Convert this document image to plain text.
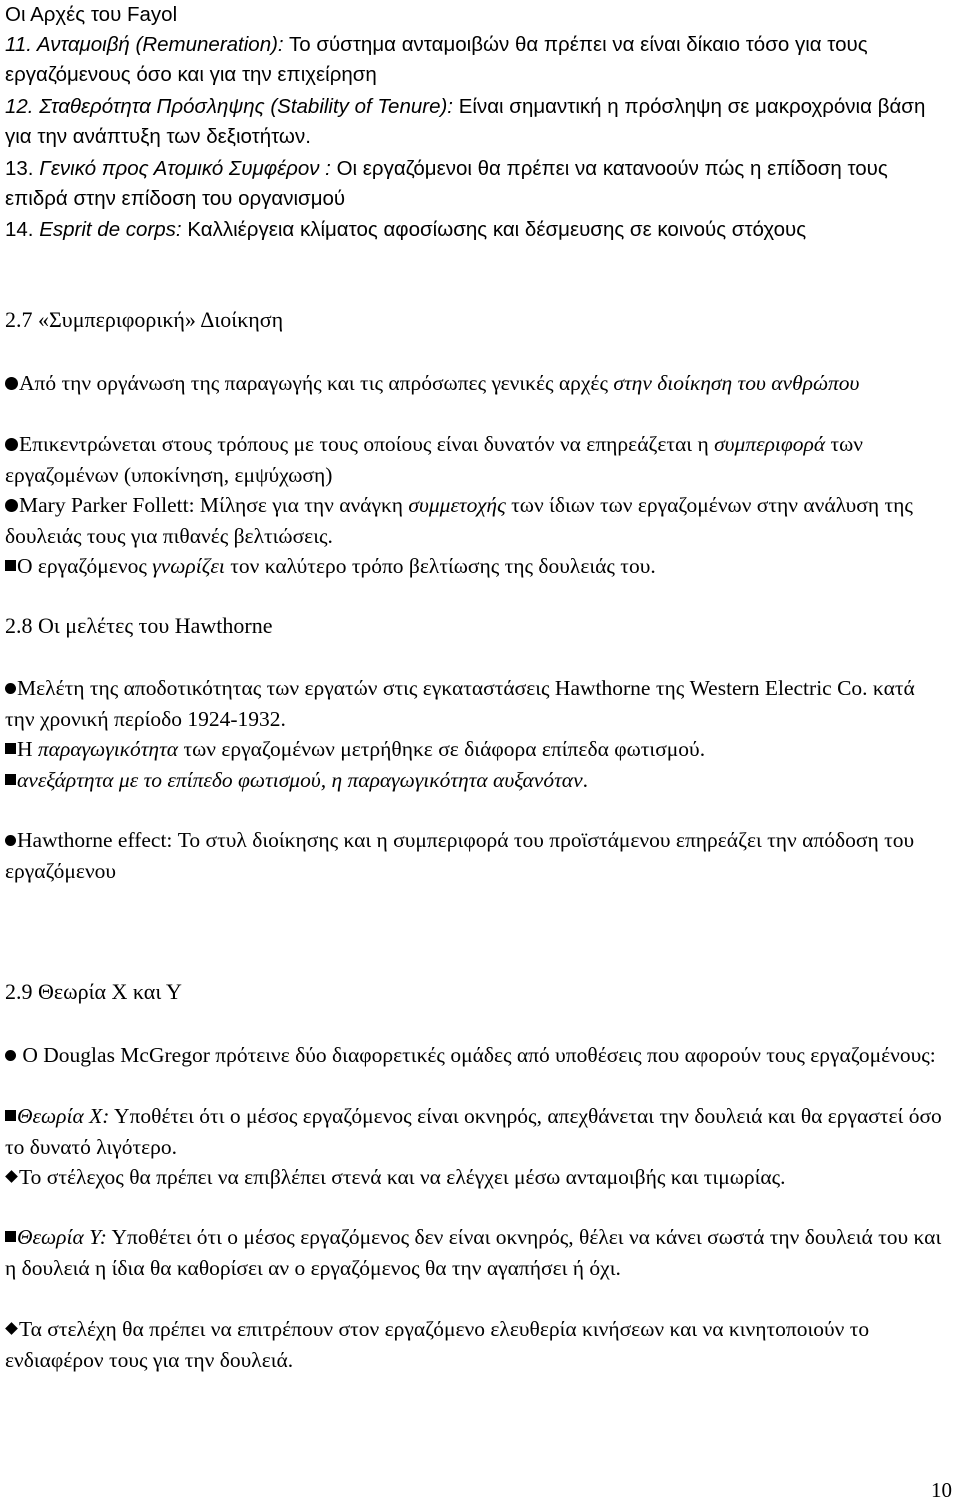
Οι Αρχές του Fayol
11. Ανταμοιβή (Remuneration): Το σύστημα ανταμοιβών θα πρέπει να είναι δίκαιο τόσο για τους εργαζόμενους όσο και για την επιχείρηση
12. Σταθερότητα Πρόσληψης (Stability of Tenure): Είναι σημαντική η πρόσληψη σε μακροχρόνια βάση για την ανάπτυξη των δεξιοτήτων.
13. Γενικό προς Ατομικό Συμφέρον : Οι εργαζόμενοι θα πρέπει να κατανοούν πώς η επίδοση τους επιδρά στην επίδοση του οργανισμού
14. Esprit de corps: Καλλιέργεια κλίματος αφοσίωσης και δέσμευσης σε κοινούς στόχους
2.7 «Συμπεριφορική» Διοίκηση
Από την οργάνωση της παραγωγής και τις απρόσωπες γενικές αρχές στην διοίκηση του ανθρώπου
Επικεντρώνεται στους τρόπους με τους οποίους είναι δυνατόν να επηρεάζεται η συμπεριφορά των εργαζομένων (υποκίνηση, εμψύχωση)
Mary Parker Follett: Μίλησε για την ανάγκη συμμετοχής των ίδιων των εργαζομένων στην ανάλυση της δουλειάς τους για πιθανές βελτιώσεις.
Ο εργαζόμενος γνωρίζει τον καλύτερο τρόπο βελτίωσης της δουλειάς του.
2.8 Οι μελέτες του Hawthorne
Μελέτη της αποδοτικότητας των εργατών στις εγκαταστάσεις Hawthorne της Western Electric Co. κατά την χρονική περίοδο 1924-1932.
Η παραγωγικότητα των εργαζομένων μετρήθηκε σε διάφορα επίπεδα φωτισμού.
ανεξάρτητα με το επίπεδο φωτισμού, η παραγωγικότητα αυξανόταν.
Hawthorne effect: Το στυλ διοίκησης και η συμπεριφορά του προϊστάμενου επηρεάζει την απόδοση του εργαζόμενου
2.9 Θεωρία Χ και Υ
Ο Douglas McGregor πρότεινε δύο διαφορετικές ομάδες από υποθέσεις που αφορούν τους εργαζομένους:
Θεωρία Χ: Υποθέτει ότι ο μέσος εργαζόμενος είναι οκνηρός, απεχθάνεται την δουλειά και θα εργαστεί όσο το δυνατό λιγότερο.
Το στέλεχος θα πρέπει να επιβλέπει στενά και να ελέγχει μέσω ανταμοιβής και τιμωρίας.
Θεωρία Υ: Υποθέτει ότι ο μέσος εργαζόμενος δεν είναι οκνηρός, θέλει να κάνει σωστά την δουλειά του και η δουλειά η ίδια θα καθορίσει αν ο εργαζόμενος θα την αγαπήσει ή όχι.
Τα στελέχη θα πρέπει να επιτρέπουν στον εργαζόμενο ελευθερία κινήσεων και να κινητοποιούν το ενδιαφέρον τους για την δουλειά.
10
